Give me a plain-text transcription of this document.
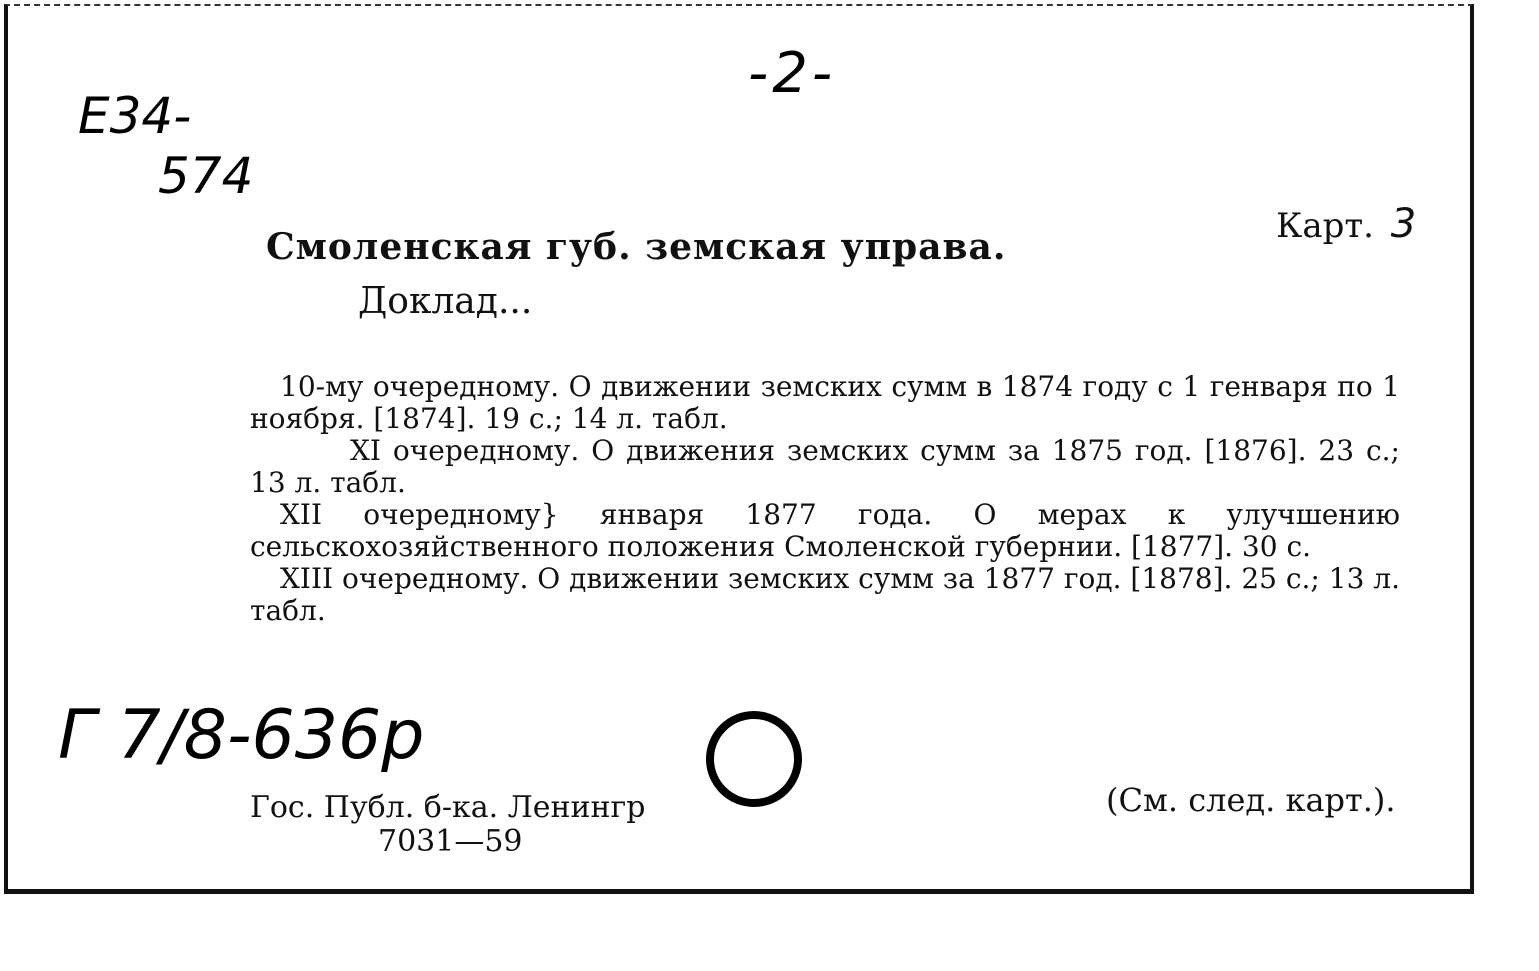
-2-
Е34-
574
Карт. 3
Смоленская губ. земская управа.
Доклад...

10-му очередному. О движении земских сумм в 1874 году с 1 генваря по 1 ноября. [1874]. 19 с.; 14 л. табл.

XI очередному. О движения земских сумм за 1875 год. [1876]. 23 с.; 13 л. табл.

XII очередному} января 1877 года. О мерах к улучшению сельскохозяйственного положения Смоленской губернии. [1877]. 30 с.

XIII очередному. О движении земских сумм за 1877 год. [1878]. 25 с.; 13 л. табл.

Г 7/8-636р
Гос. Публ. б-ка. Ленингр
7031—59
(См. след. карт.).
